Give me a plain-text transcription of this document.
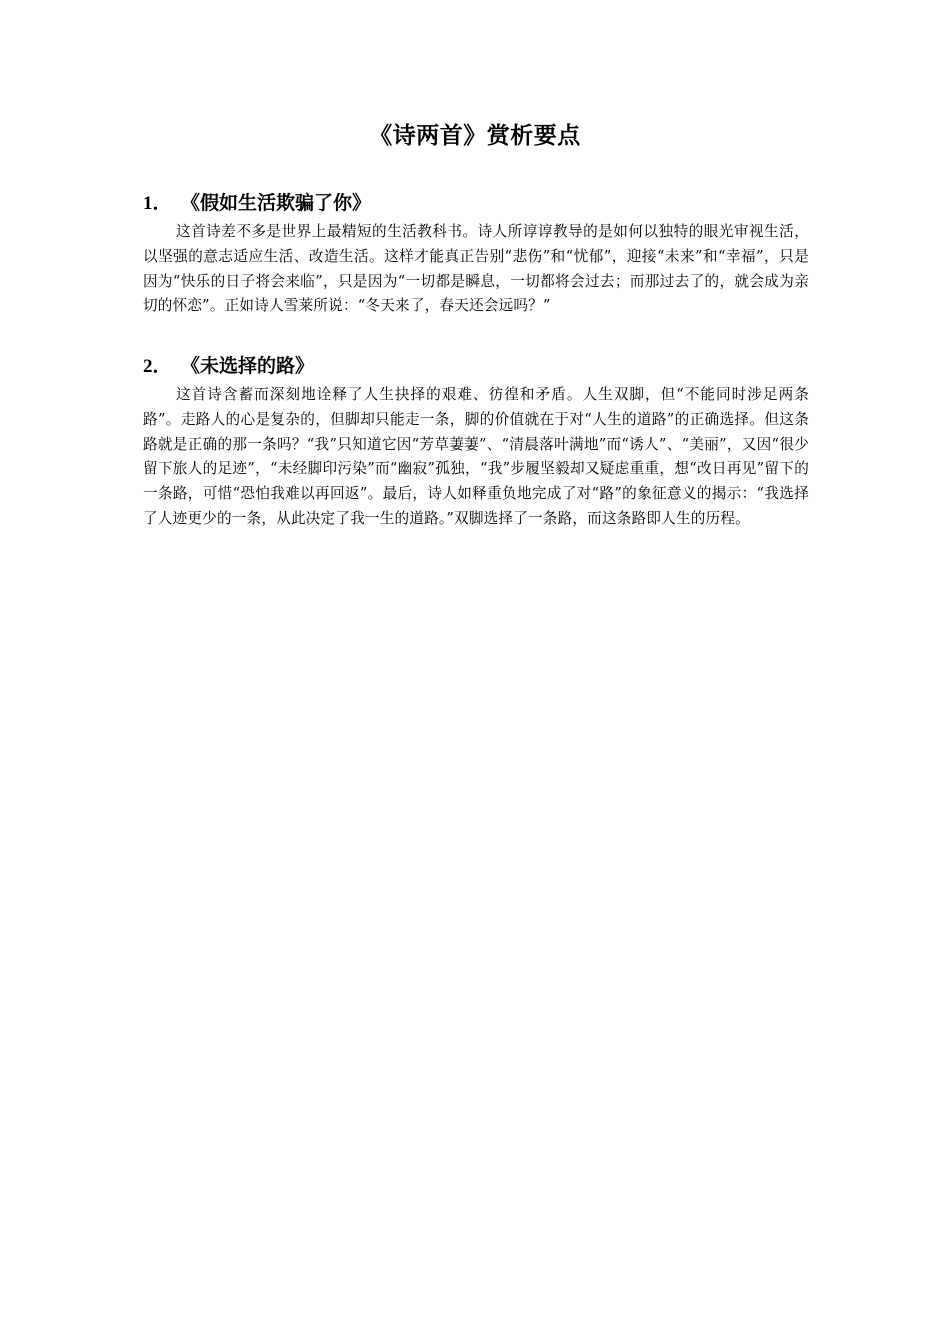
《诗两首》赏析要点
1． 《假如生活欺骗了你》

这首诗差不多是世界上最精短的生活教科书。诗人所谆谆教导的是如何以独特的眼光审视生活，以坚强的意志适应生活、改造生活。这样才能真正告别“悲伤”和“忧郁”，迎接“未来”和“幸福”，只是因为“快乐的日子将会来临”，只是因为“一切都是瞬息，一切都将会过去；而那过去了的，就会成为亲切的怀恋”。正如诗人雪莱所说：“冬天来了，春天还会远吗？”

2． 《未选择的路》

这首诗含蓄而深刻地诠释了人生抉择的艰难、彷徨和矛盾。人生双脚，但“不能同时涉足两条路”。走路人的心是复杂的，但脚却只能走一条，脚的价值就在于对“人生的道路”的正确选择。但这条路就是正确的那一条吗？“我”只知道它因“芳草萋萋”、“清晨落叶满地”而“诱人”、“美丽”，又因“很少留下旅人的足迹”，“未经脚印污染”而“幽寂”孤独，“我”步履坚毅却又疑虑重重，想“改日再见”留下的一条路，可惜“恐怕我难以再回返”。最后，诗人如释重负地完成了对“路”的象征意义的揭示：“我选择了人迹更少的一条，从此决定了我一生的道路。”双脚选择了一条路，而这条路即人生的历程。
